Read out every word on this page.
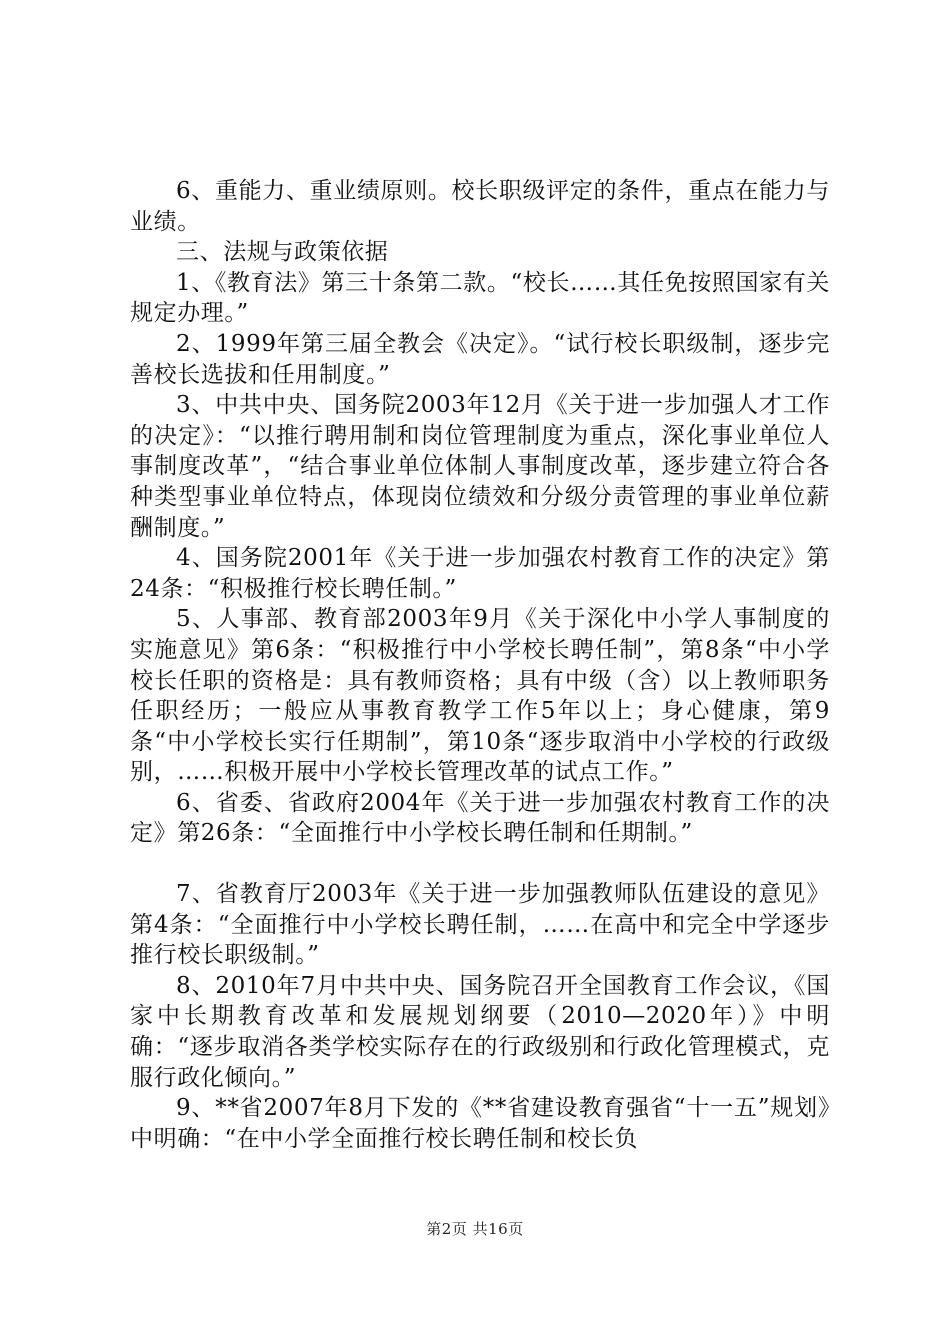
6、重能力、重业绩原则。校长职级评定的条件，重点在能力与业绩。

三、法规与政策依据

1、《教育法》第三十条第二款。“校长……其任免按照国家有关规定办理。”

2、1999年第三届全教会《决定》。“试行校长职级制，逐步完善校长选拔和任用制度。”

3、中共中央、国务院2003年12月《关于进一步加强人才工作的决定》：“以推行聘用制和岗位管理制度为重点，深化事业单位人事制度改革”，“结合事业单位体制人事制度改革，逐步建立符合各种类型事业单位特点，体现岗位绩效和分级分责管理的事业单位薪酬制度。”

4、国务院2001年《关于进一步加强农村教育工作的决定》第24条：“积极推行校长聘任制。”

5、人事部、教育部2003年9月《关于深化中小学人事制度的实施意见》第6条：“积极推行中小学校长聘任制”，第8条“中小学校长任职的资格是：具有教师资格；具有中级（含）以上教师职务任职经历；一般应从事教育教学工作5年以上；身心健康，第9条“中小学校长实行任期制”，第10条“逐步取消中小学校的行政级别，……积极开展中小学校长管理改革的试点工作。”

6、省委、省政府2004年《关于进一步加强农村教育工作的决定》第26条：“全面推行中小学校长聘任制和任期制。”

7、省教育厅2003年《关于进一步加强教师队伍建设的意见》第4条：“全面推行中小学校长聘任制，……在高中和完全中学逐步推行校长职级制。”

8、2010年7月中共中央、国务院召开全国教育工作会议，《国家中长期教育改革和发展规划纲要（2010—2020年）》中明确：“逐步取消各类学校实际存在的行政级别和行政化管理模式，克服行政化倾向。”

9、**省2007年8月下发的《**省建设教育强省“十一五”规划》中明确：“在中小学全面推行校长聘任制和校长负

第2页 共16页
